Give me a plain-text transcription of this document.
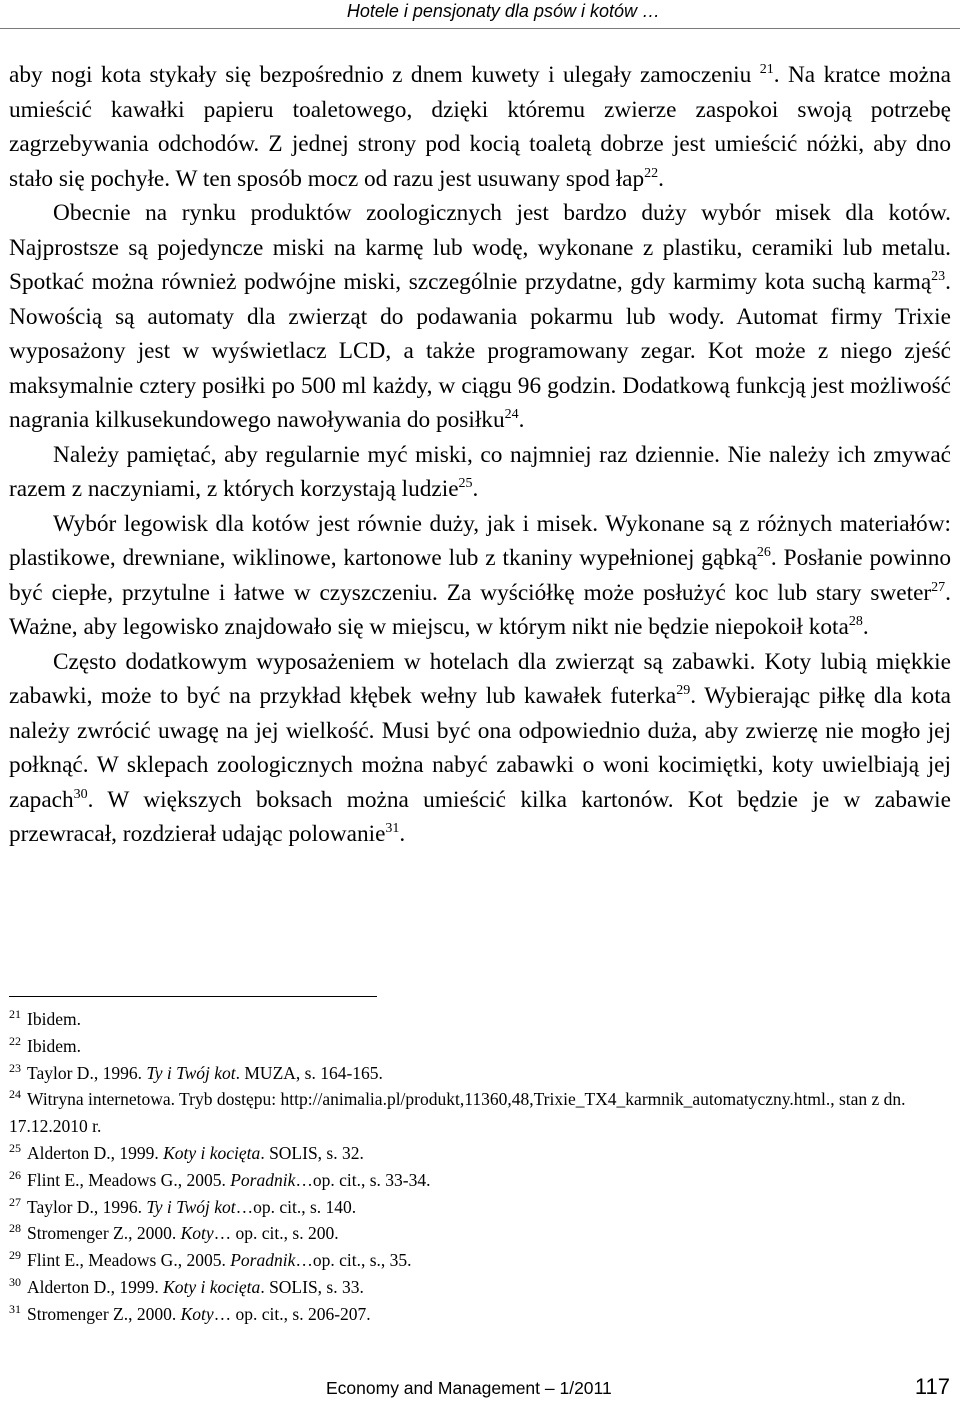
Hotele i pensjonaty dla psów i kotów …

aby nogi kota stykały się bezpośrednio z dnem kuwety i ulegały zamoczeniu $^{21}$. Na kratce można umieścić kawałki papieru toaletowego, dzięki któremu zwierze zaspokoi swoją potrzebę zagrzebywania odchodów. Z jednej strony pod kocią toaletą dobrze jest umieścić nóżki, aby dno stało się pochyłe. W ten sposób mocz od razu jest usuwany spod łap$^{22}$.

Obecnie na rynku produktów zoologicznych jest bardzo duży wybór misek dla kotów. Najprostsze są pojedyncze miski na karmę lub wodę, wykonane z plastiku, ceramiki lub metalu. Spotkać można również podwójne miski, szczególnie przydatne, gdy karmimy kota suchą karmą$^{23}$. Nowością są automaty dla zwierząt do podawania pokarmu lub wody. Automat firmy Trixie wyposażony jest w wyświetlacz LCD, a także programowany zegar. Kot może z niego zjeść maksymalnie cztery posiłki po 500 ml każdy, w ciągu 96 godzin. Dodatkową funkcją jest możliwość nagrania kilkusekundowego nawoływania do posiłku$^{24}$.

Należy pamiętać, aby regularnie myć miski, co najmniej raz dziennie. Nie należy ich zmywać razem z naczyniami, z których korzystają ludzie$^{25}$.

Wybór legowisk dla kotów jest równie duży, jak i misek. Wykonane są z różnych materiałów: plastikowe, drewniane, wiklinowe, kartonowe lub z tkaniny wypełnionej gąbką$^{26}$. Posłanie powinno być ciepłe, przytulne i łatwe w czyszczeniu. Za wyściółkę może posłużyć koc lub stary sweter$^{27}$. Ważne, aby legowisko znajdowało się w miejscu, w którym nikt nie będzie niepokoił kota$^{28}$.

Często dodatkowym wyposażeniem w hotelach dla zwierząt są zabawki. Koty lubią miękkie zabawki, może to być na przykład kłębek wełny lub kawałek futerka$^{29}$. Wybierając piłkę dla kota należy zwrócić uwagę na jej wielkość. Musi być ona odpowiednio duża, aby zwierzę nie mogło jej połknąć. W sklepach zoologicznych można nabyć zabawki o woni kocimiętki, koty uwielbiają jej zapach$^{30}$. W większych boksach można umieścić kilka kartonów. Kot będzie je w zabawie przewracał, rozdzierał udając polowanie$^{31}$.

$^{21}$ Ibidem.
$^{22}$ Ibidem.
$^{23}$ Taylor D., 1996. Ty i Twój kot. MUZA, s. 164-165.
$^{24}$ Witryna internetowa. Tryb dostępu: http://animalia.pl/produkt,11360,48,Trixie_TX4_karmnik_automatyczny.html., stan z dn. 17.12.2010 r.
$^{25}$ Alderton D., 1999. Koty i kocięta. SOLIS, s. 32.
$^{26}$ Flint E., Meadows G., 2005. Poradnik…op. cit., s. 33-34.
$^{27}$ Taylor D., 1996. Ty i Twój kot…op. cit., s. 140.
$^{28}$ Stromenger Z., 2000. Koty… op. cit., s. 200.
$^{29}$ Flint E., Meadows G., 2005. Poradnik…op. cit., s., 35.
$^{30}$ Alderton D., 1999. Koty i kocięta. SOLIS, s. 33.
$^{31}$ Stromenger Z., 2000. Koty… op. cit., s. 206-207.
Economy and Management – 1/2011	117
